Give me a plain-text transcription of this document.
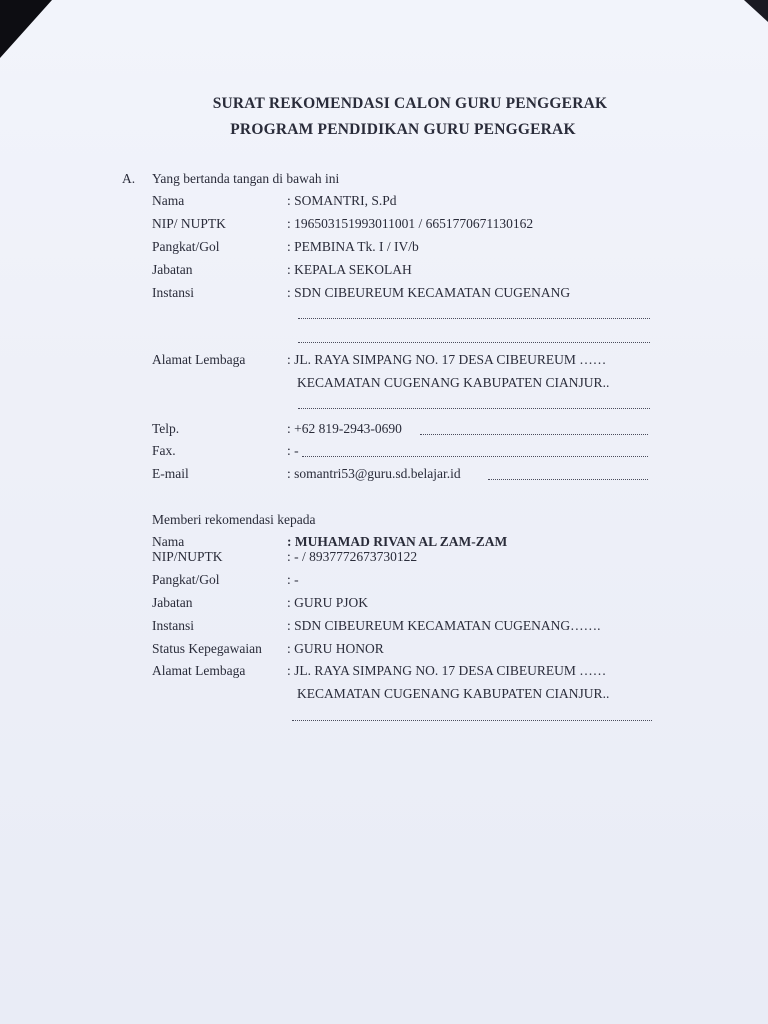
SURAT REKOMENDASI CALON GURU PENGGERAK
PROGRAM PENDIDIKAN GURU PENGGERAK
A. Yang bertanda tangan di bawah ini
Nama	: SOMANTRI, S.Pd
NIP/ NUPTK	: 196503151993011001 / 6651770671130162
Pangkat/Gol	: PEMBINA Tk. I / IV/b
Jabatan	: KEPALA SEKOLAH
Instansi	: SDN CIBEUREUM KECAMATAN CUGENANG
Alamat Lembaga	: JL. RAYA SIMPANG NO. 17 DESA CIBEUREUM ……
KECAMATAN CUGENANG KABUPATEN CIANJUR..
Telp.	: +62 819-2943-0690
Fax.	: -
E-mail	: somantri53@guru.sd.belajar.id
Memberi rekomendasi kepada
Nama	: MUHAMAD RIVAN AL ZAM-ZAM
NIP/NUPTK	: - / 8937772673730122
Pangkat/Gol	: -
Jabatan	: GURU PJOK
Instansi	: SDN CIBEUREUM KECAMATAN CUGENANG…….
Status Kepegawaian : GURU HONOR
Alamat Lembaga	: JL. RAYA SIMPANG NO. 17 DESA CIBEUREUM ……
KECAMATAN CUGENANG KABUPATEN CIANJUR..
